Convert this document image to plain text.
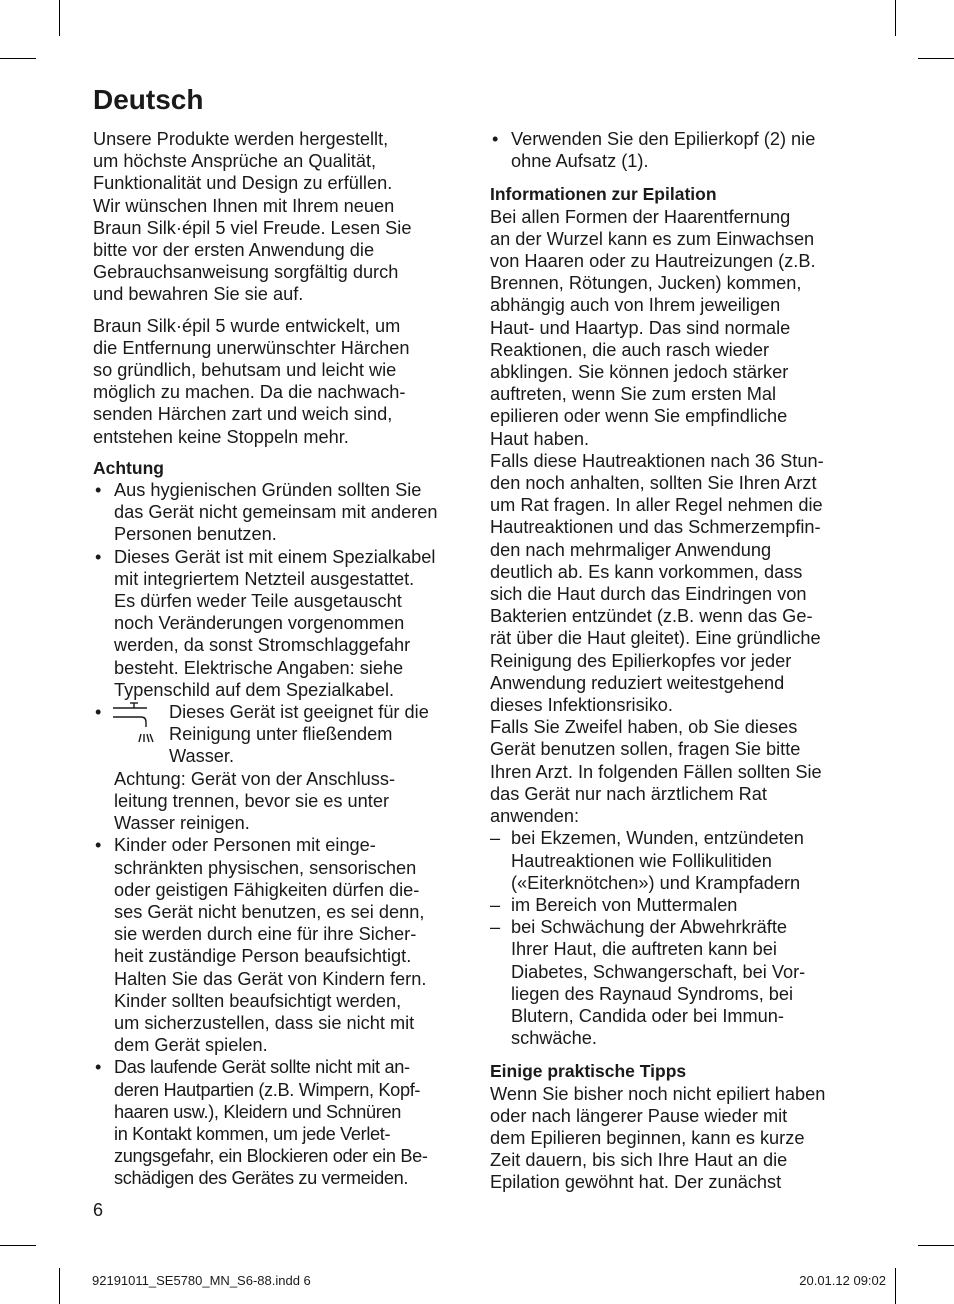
Deutsch

Unsere Produkte werden hergestellt,
um höchste Ansprüche an Qualität,
Funktionalität und Design zu erfüllen.
Wir wünschen Ihnen mit Ihrem neuen
Braun Silk·épil 5 viel Freude. Lesen Sie
bitte vor der ersten Anwendung die
Gebrauchsanweisung sorgfältig durch
und bewahren Sie sie auf.

Braun Silk·épil 5 wurde entwickelt, um
die Entfernung unerwünschter Härchen
so gründlich, behutsam und leicht wie
möglich zu machen. Da die nachwach-
senden Härchen zart und weich sind,
entstehen keine Stoppeln mehr.

Achtung

• Aus hygienischen Gründen sollten Sie
das Gerät nicht gemeinsam mit anderen
Personen benutzen.

• Dieses Gerät ist mit einem Spezialkabel
mit integriertem Netzteil ausgestattet.
Es dürfen weder Teile ausgetauscht
noch Veränderungen vorgenommen
werden, da sonst Stromschlaggefahr
besteht. Elektrische Angaben: siehe
Typenschild auf dem Spezialkabel.

•	Dieses Gerät ist geeignet für die
Reinigung unter fließendem
Wasser.

Achtung: Gerät von der Anschluss-
leitung trennen, bevor sie es unter
Wasser reinigen.

• Kinder oder Personen mit einge-
schränkten physischen, sensorischen
oder geistigen Fähigkeiten dürfen die-
ses Gerät nicht benutzen, es sei denn,
sie werden durch eine für ihre Sicher-
heit zuständige Person beaufsichtigt.
Halten Sie das Gerät von Kindern fern.
Kinder sollten beaufsichtigt werden,
um sicherzustellen, dass sie nicht mit
dem Gerät spielen.

• Das laufende Gerät sollte nicht mit an-
deren Hautpartien (z.B. Wimpern, Kopf-
haaren usw.), Kleidern und Schnüren
in Kontakt kommen, um jede Verlet-
zungsgefahr, ein Blockieren oder ein Be-
schädigen des Gerätes zu vermeiden.

• Verwenden Sie den Epilierkopf (2) nie
ohne Aufsatz (1).

Informationen zur Epilation

Bei allen Formen der Haarentfernung
an der Wurzel kann es zum Einwachsen
von Haaren oder zu Hautreizungen (z.B.
Brennen, Rötungen, Jucken) kommen,
abhängig auch von Ihrem jeweiligen
Haut- und Haartyp. Das sind normale
Reaktionen, die auch rasch wieder
abklingen. Sie können jedoch stärker
auftreten, wenn Sie zum ersten Mal
epilieren oder wenn Sie empfindliche
Haut haben.

Falls diese Hautreaktionen nach 36 Stun-
den noch anhalten, sollten Sie Ihren Arzt
um Rat fragen. In aller Regel nehmen die
Hautreaktionen und das Schmerzempfin-
den nach mehrmaliger Anwendung
deutlich ab. Es kann vorkommen, dass
sich die Haut durch das Eindringen von
Bakterien entzündet (z.B. wenn das Ge-
rät über die Haut gleitet). Eine gründliche
Reinigung des Epilierkopfes vor jeder
Anwendung reduziert weitestgehend
dieses Infektionsrisiko.

Falls Sie Zweifel haben, ob Sie dieses
Gerät benutzen sollen, fragen Sie bitte
Ihren Arzt. In folgenden Fällen sollten Sie
das Gerät nur nach ärztlichem Rat
anwenden:

– bei Ekzemen, Wunden, entzündeten
Hautreaktionen wie Follikulitiden
(«Eiterknötchen») und Krampfadern

– im Bereich von Muttermalen

– bei Schwächung der Abwehrkräfte
Ihrer Haut, die auftreten kann bei
Diabetes, Schwangerschaft, bei Vor-
liegen des Raynaud Syndroms, bei
Blutern, Candida oder bei Immun-
schwäche.

Einige praktische Tipps

Wenn Sie bisher noch nicht epiliert haben
oder nach längerer Pause wieder mit
dem Epilieren beginnen, kann es kurze
Zeit dauern, bis sich Ihre Haut an die
Epilation gewöhnt hat. Der zunächst

6
92191011_SE5780_MN_S6-88.indd 6	20.01.12 09:02
